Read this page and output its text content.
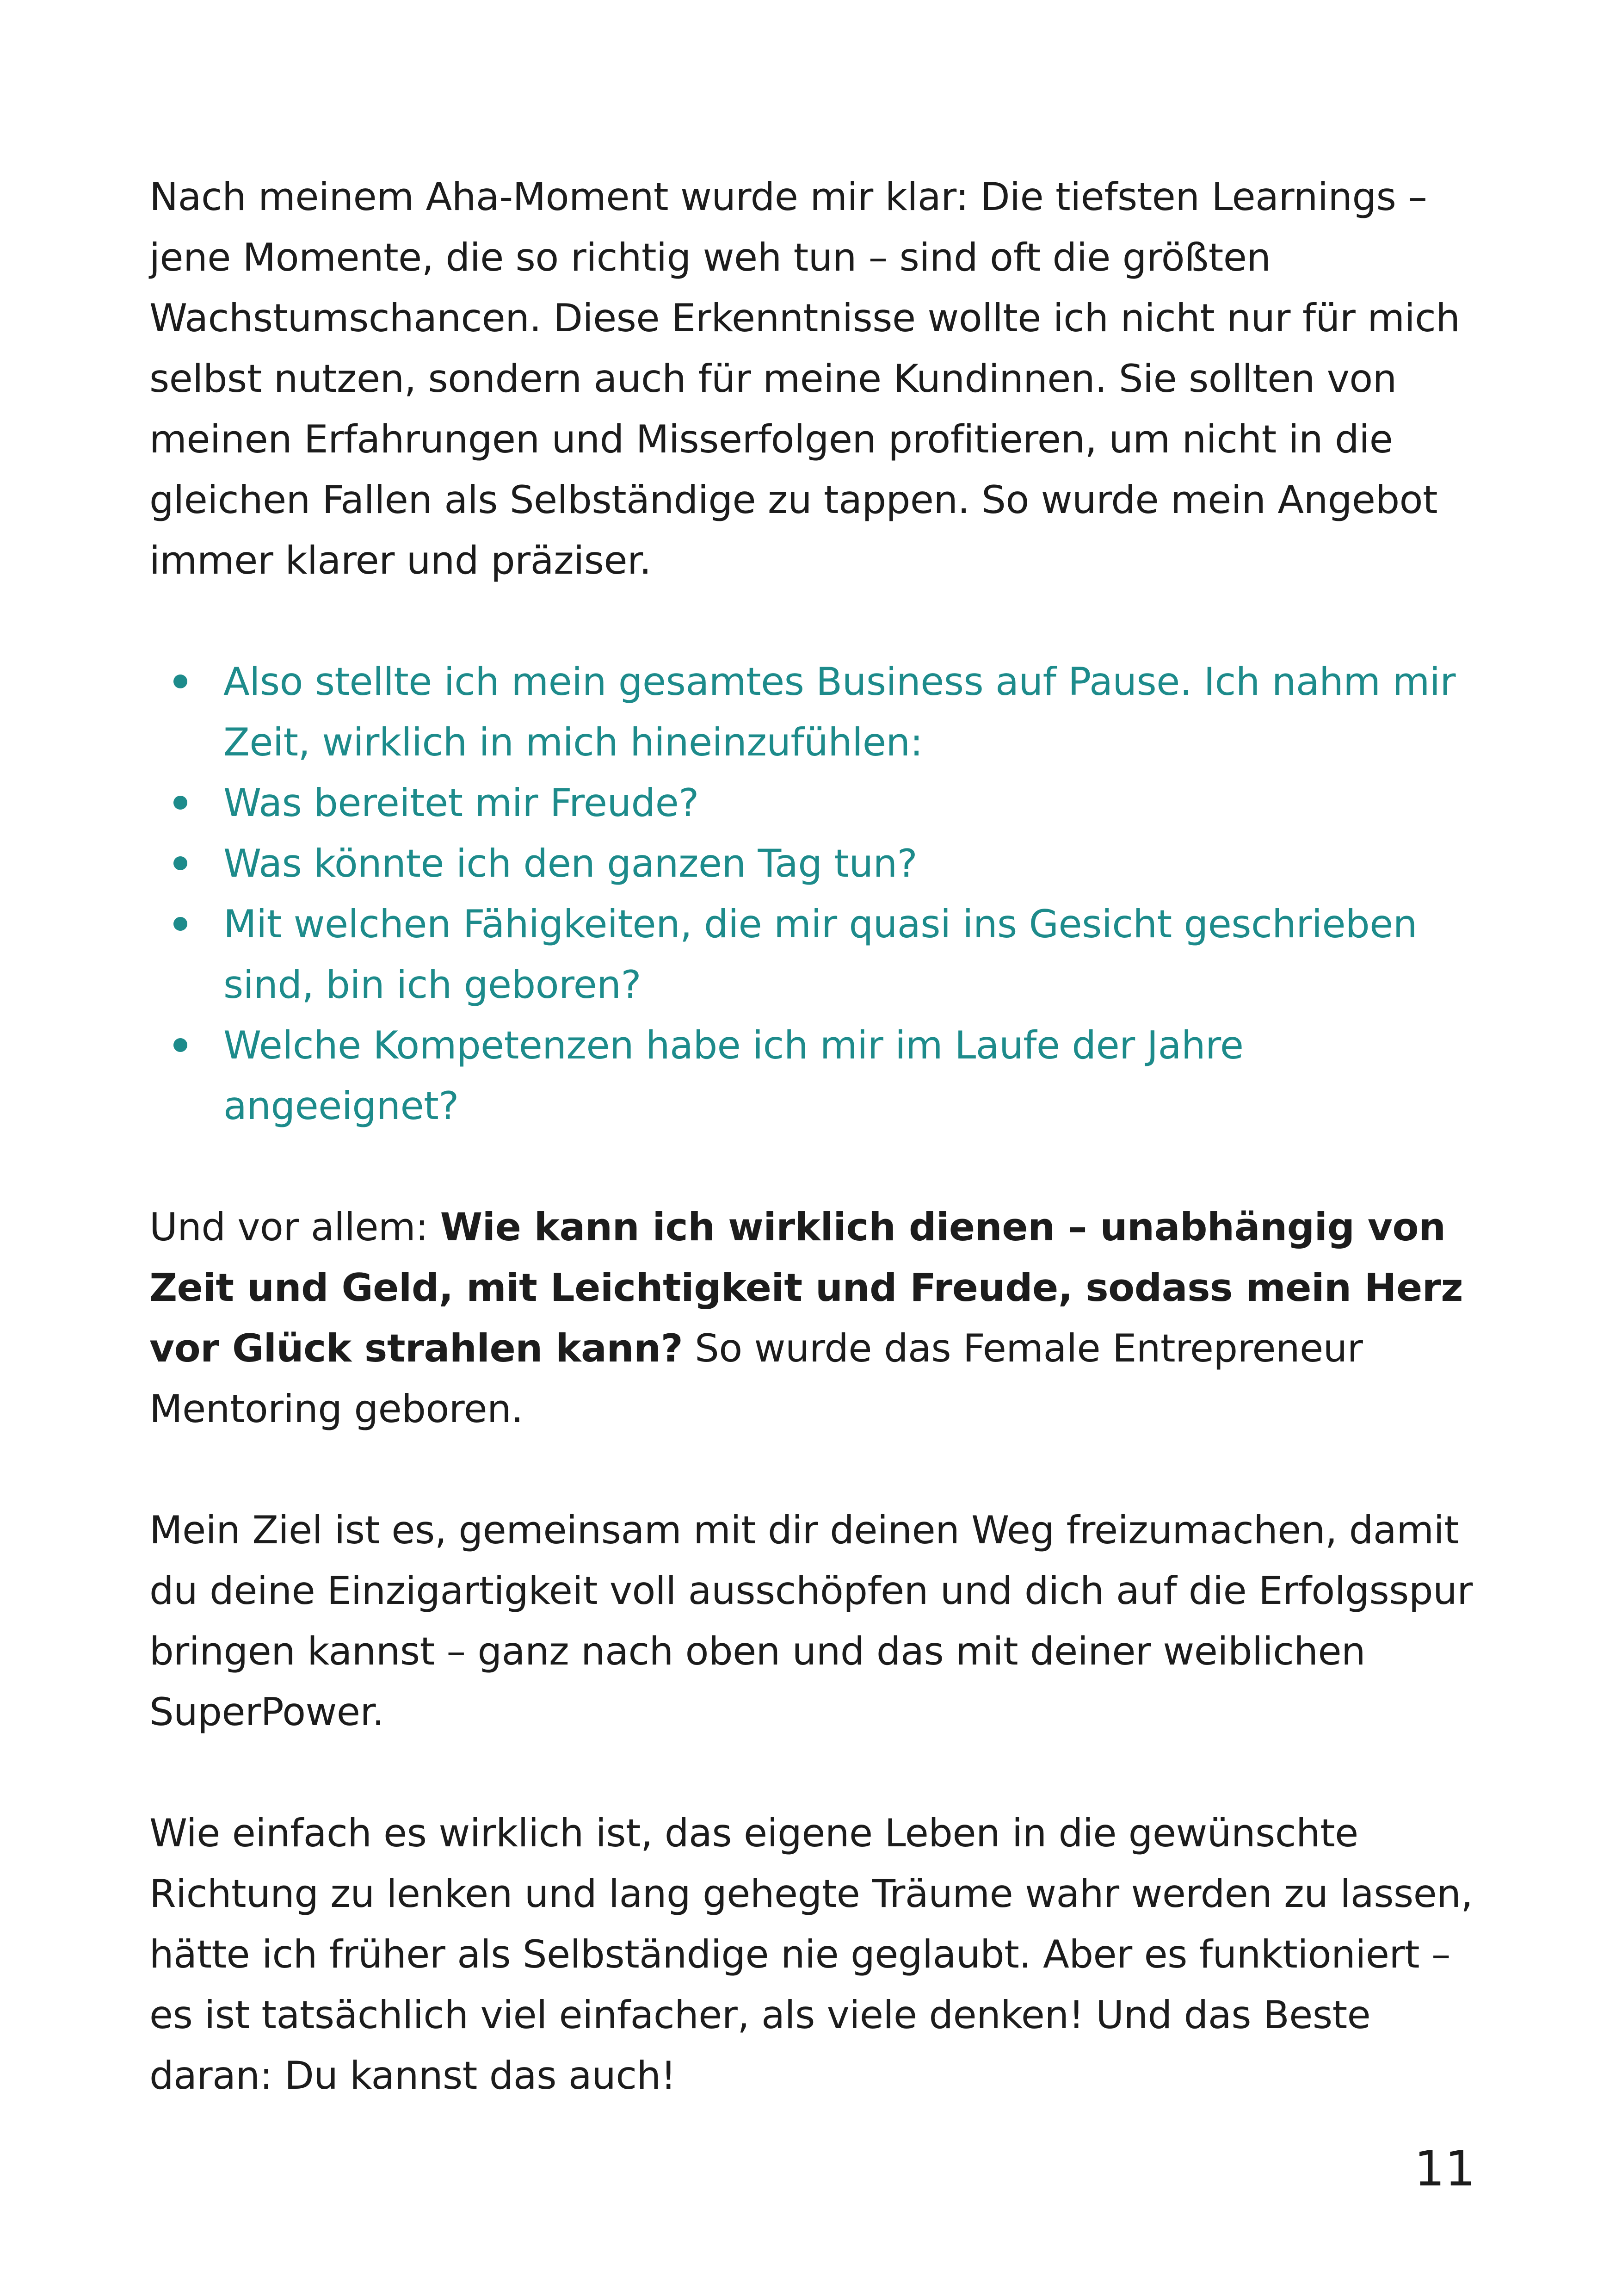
Nach meinem Aha-Moment wurde mir klar: Die tiefsten Learnings – jene Momente, die so richtig weh tun – sind oft die größten Wachstumschancen. Diese Erkenntnisse wollte ich nicht nur für mich selbst nutzen, sondern auch für meine Kundinnen. Sie sollten von meinen Erfahrungen und Misserfolgen profitieren, um nicht in die gleichen Fallen als Selbständige zu tappen. So wurde mein Angebot immer klarer und präziser.

Also stellte ich mein gesamtes Business auf Pause. Ich nahm mir Zeit, wirklich in mich hineinzufühlen:
Was bereitet mir Freude?
Was könnte ich den ganzen Tag tun?
Mit welchen Fähigkeiten, die mir quasi ins Gesicht geschrieben sind, bin ich geboren?
Welche Kompetenzen habe ich mir im Laufe der Jahre angeeignet?

Und vor allem: Wie kann ich wirklich dienen – unabhängig von Zeit und Geld, mit Leichtigkeit und Freude, sodass mein Herz vor Glück strahlen kann? So wurde das Female Entrepreneur Mentoring geboren.

Mein Ziel ist es, gemeinsam mit dir deinen Weg freizumachen, damit du deine Einzigartigkeit voll ausschöpfen und dich auf die Erfolgsspur bringen kannst – ganz nach oben und das mit deiner weiblichen SuperPower.

Wie einfach es wirklich ist, das eigene Leben in die gewünschte Richtung zu lenken und lang gehegte Träume wahr werden zu lassen, hätte ich früher als Selbständige nie geglaubt. Aber es funktioniert – es ist tatsächlich viel einfacher, als viele denken! Und das Beste daran: Du kannst das auch!

11
